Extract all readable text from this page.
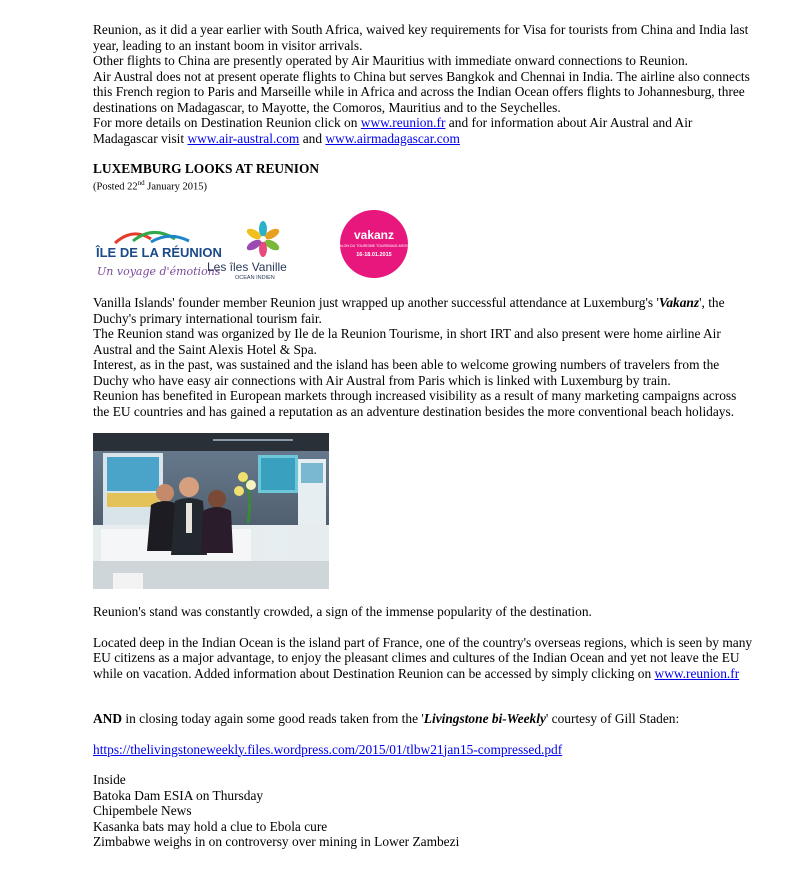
Reunion, as it did a year earlier with South Africa, waived key requirements for Visa for tourists from China and India last year, leading to an instant boom in visitor arrivals.

Other flights to China are presently operated by Air Mauritius with immediate onward connections to Reunion.

Air Austral does not at present operate flights to China but serves Bangkok and Chennai in India. The airline also connects this French region to Paris and Marseille while in Africa and across the Indian Ocean offers flights to Johannesburg, three destinations on Madagascar, to Mayotte, the Comoros, Mauritius and to the Seychelles.

For more details on Destination Reunion click on www.reunion.fr and for information about Air Austral and Air Madagascar visit www.air-austral.com and www.airmadagascar.com

LUXEMBURG LOOKS AT REUNION

(Posted 22nd January 2015)

ÎLE DE LA RÉUNION
Un voyage d'émotions
Les îles Vanille
OCEAN INDIEN
vakanz
SALON DU TOURISME TOURISMUS-MESSE
16-18.01.2015

Vanilla Islands' founder member Reunion just wrapped up another successful attendance at Luxemburg's 'Vakanz', the Duchy's primary international tourism fair.

The Reunion stand was organized by Ile de la Reunion Tourisme, in short IRT and also present were home airline Air Austral and the Saint Alexis Hotel & Spa.

Interest, as in the past, was sustained and the island has been able to welcome growing numbers of travelers from the Duchy who have easy air connections with Air Austral from Paris which is linked with Luxemburg by train.

Reunion has benefited in European markets through increased visibility as a result of many marketing campaigns across the EU countries and has gained a reputation as an adventure destination besides the more conventional beach holidays.

Reunion's stand was constantly crowded, a sign of the immense popularity of the destination.

Located deep in the Indian Ocean is the island part of France, one of the country's overseas regions, which is seen by many EU citizens as a major advantage, to enjoy the pleasant climes and cultures of the Indian Ocean and yet not leave the EU while on vacation. Added information about Destination Reunion can be accessed by simply clicking on www.reunion.fr

AND in closing today again some good reads taken from the 'Livingstone bi-Weekly' courtesy of Gill Staden:

https://thelivingstoneweekly.files.wordpress.com/2015/01/tlbw21jan15-compressed.pdf

Inside

Batoka Dam ESIA on Thursday

Chipembele News

Kasanka bats may hold a clue to Ebola cure

Zimbabwe weighs in on controversy over mining in Lower Zambezi
